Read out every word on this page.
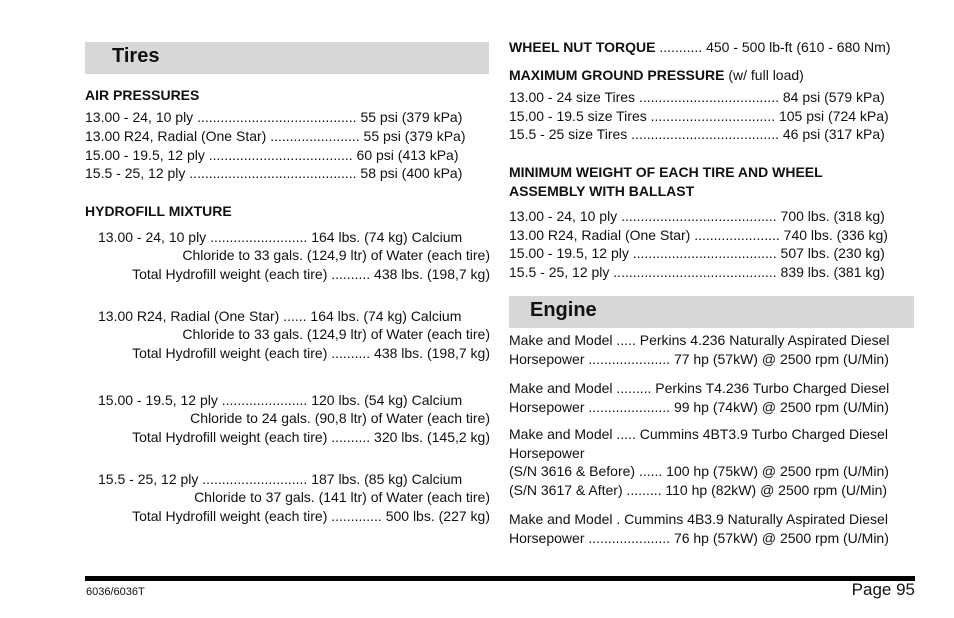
Tires
AIR PRESSURES
13.00 - 24, 10 ply ......................................... 55 psi (379 kPa)
13.00 R24, Radial (One Star) ....................... 55 psi (379 kPa)
15.00 - 19.5, 12 ply ..................................... 60 psi (413 kPa)
15.5 - 25, 12 ply ........................................... 58 psi (400 kPa)
HYDROFILL MIXTURE
13.00 - 24, 10 ply ......................... 164 lbs. (74 kg) Calcium
Chloride to 33 gals. (124,9 ltr) of Water (each tire)
Total Hydrofill weight (each tire) .......... 438 lbs. (198,7 kg)
13.00 R24, Radial (One Star) ...... 164 lbs. (74 kg) Calcium
Chloride to 33 gals. (124,9 ltr) of Water (each tire)
Total Hydrofill weight (each tire) .......... 438 lbs. (198,7 kg)
15.00 - 19.5, 12 ply ...................... 120 lbs. (54 kg) Calcium
Chloride to 24 gals. (90,8 ltr) of Water (each tire)
Total Hydrofill weight (each tire) .......... 320 lbs. (145,2 kg)
15.5 - 25, 12 ply ........................... 187 lbs. (85 kg) Calcium
Chloride to 37 gals. (141 ltr) of Water (each tire)
Total Hydrofill weight (each tire) ............. 500 lbs. (227 kg)
WHEEL NUT TORQUE ........... 450 - 500 lb-ft (610 - 680 Nm)
MAXIMUM GROUND PRESSURE (w/ full load)
13.00 - 24 size Tires .................................... 84 psi (579 kPa)
15.00 - 19.5 size Tires ................................ 105 psi (724 kPa)
15.5 - 25 size Tires ...................................... 46 psi (317 kPa)
MINIMUM WEIGHT OF EACH TIRE AND WHEEL
ASSEMBLY WITH BALLAST
13.00 - 24, 10 ply ........................................ 700 lbs. (318 kg)
13.00 R24, Radial (One Star) ...................... 740 lbs. (336 kg)
15.00 - 19.5, 12 ply ..................................... 507 lbs. (230 kg)
15.5 - 25, 12 ply .......................................... 839 lbs. (381 kg)
Engine
Make and Model ..... Perkins 4.236 Naturally Aspirated Diesel
Horsepower ..................... 77 hp (57kW) @ 2500 rpm (U/Min)
Make and Model ......... Perkins T4.236 Turbo Charged Diesel
Horsepower ..................... 99 hp (74kW) @ 2500 rpm (U/Min)
Make and Model ..... Cummins 4BT3.9 Turbo Charged Diesel
Horsepower
(S/N 3616 & Before) ...... 100 hp (75kW) @ 2500 rpm (U/Min)
(S/N 3617 & After) ......... 110 hp (82kW) @ 2500 rpm (U/Min)
Make and Model . Cummins 4B3.9 Naturally Aspirated Diesel
Horsepower ..................... 76 hp (57kW) @ 2500 rpm (U/Min)
6036/6036T	Page 95
